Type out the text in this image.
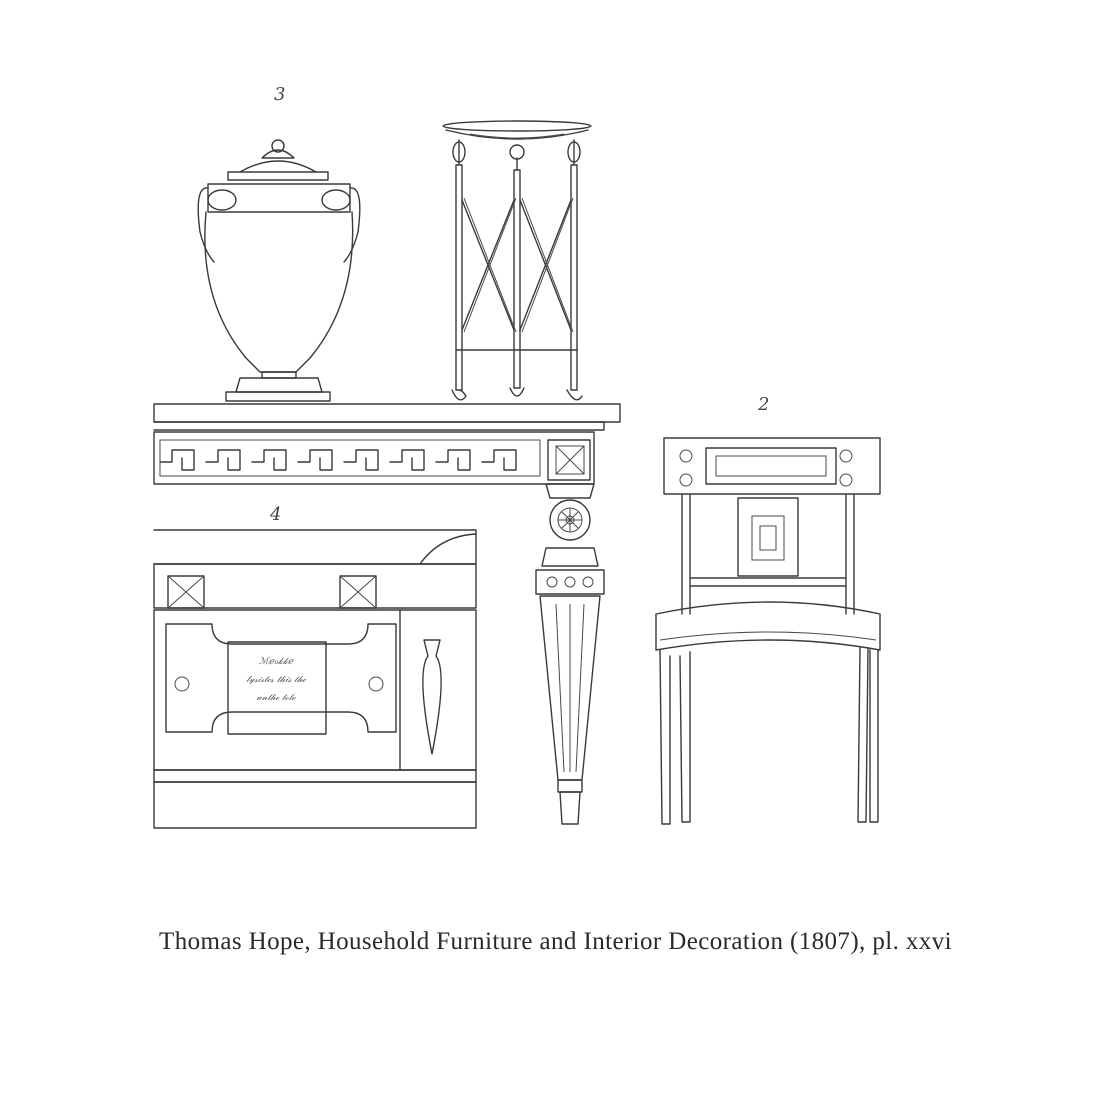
3
4
ℳℯℴ𝓀𝓀ℯ
𝓁𝓎𝓈𝒾𝓈𝓉ℯ𝓈 𝓉𝒽𝒾𝓈 𝓉𝒽ℯ
𝒶𝓃𝓉𝒽ℯ 𝓉ℴ𝓁ℯ
2
Thomas Hope, Household Furniture and Interior Decoration (1807), pl. xxvi
